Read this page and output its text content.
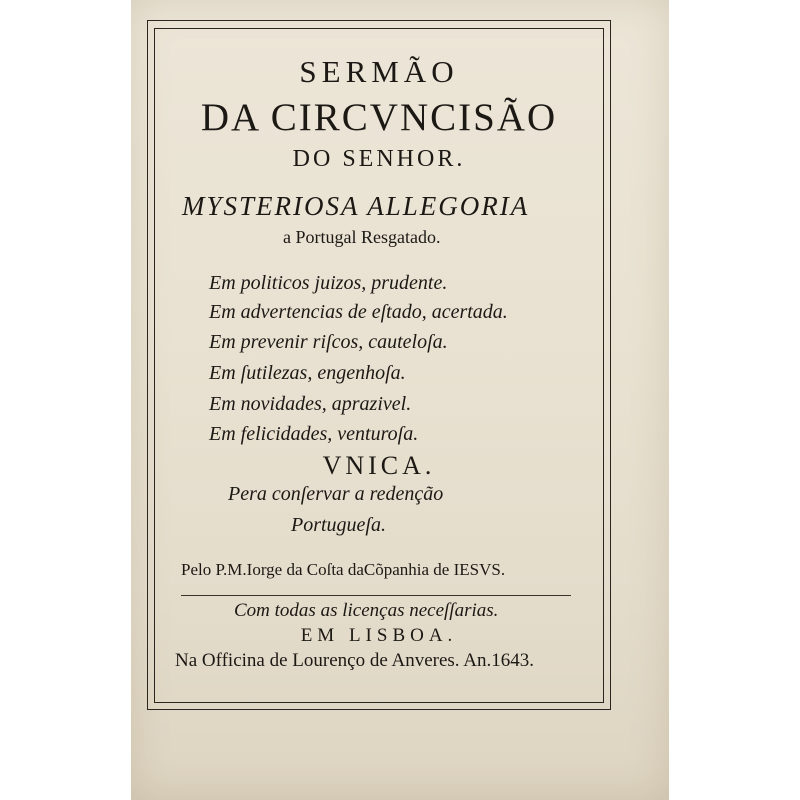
SERMÃO
DA CIRCVNCISÃO
DO SENHOR.
MYSTERIOSA ALLEGORIA
a Portugal Resgatado.
Em politicos juizos, prudente.
Em advertencias de eſtado, acertada.
Em prevenir riſcos, cauteloſa.
Em ſutilezas, engenhoſa.
Em novidades, aprazivel.
Em felicidades, venturoſa.
VNICA.
Pera conſervar a redenção
Portugueſa.
Pelo P.M.Iorge da Coſta daCõpanhia de IESVS.
Com todas as licenças neceſſarias.
EM LISBOA.
Na Officina de Lourenço de Anveres. An.1643.
